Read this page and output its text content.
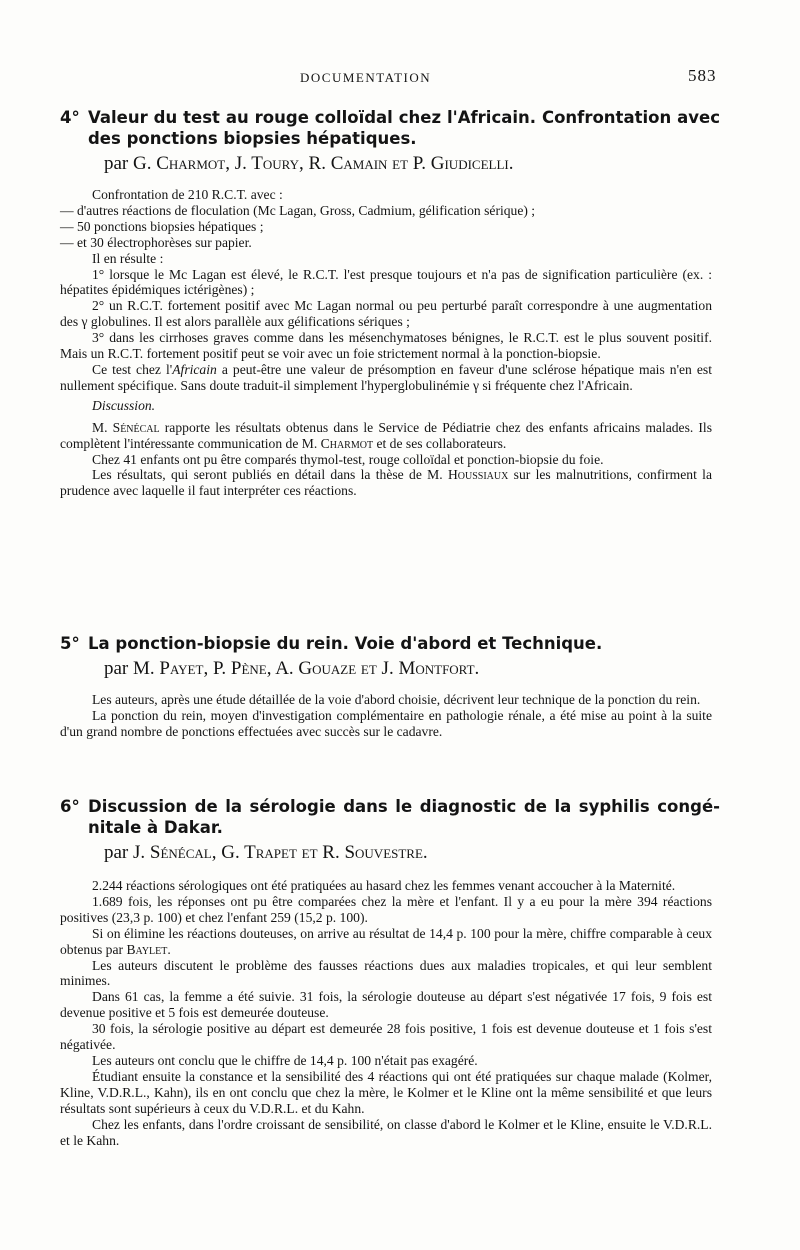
DOCUMENTATION	583
4° Valeur du test au rouge colloïdal chez l'Africain. Confrontation avec
des ponctions biopsies hépatiques.
par G. Charmot, J. Toury, R. Camain et P. Giudicelli.

Confrontation de 210 R.C.T. avec :

— d'autres réactions de floculation (Mc Lagan, Gross, Cadmium, gélification sérique) ;

— 50 ponctions biopsies hépatiques ;

— et 30 électrophorèses sur papier.

Il en résulte :

1° lorsque le Mc Lagan est élevé, le R.C.T. l'est presque toujours et n'a pas de signification particulière (ex. : hépatites épidémiques ictérigènes) ;

2° un R.C.T. fortement positif avec Mc Lagan normal ou peu perturbé paraît correspondre à une augmentation des γ globulines. Il est alors parallèle aux gélifications sériques ;

3° dans les cirrhoses graves comme dans les mésenchymatoses bénignes, le R.C.T. est le plus souvent positif. Mais un R.C.T. fortement positif peut se voir avec un foie strictement normal à la ponction-biopsie.

Ce test chez l'Africain a peut-être une valeur de présomption en faveur d'une sclérose hépatique mais n'en est nullement spécifique. Sans doute traduit-il simplement l'hyperglobulinémie γ si fréquente chez l'Africain.

Discussion.

M. Sénécal rapporte les résultats obtenus dans le Service de Pédiatrie chez des enfants africains malades. Ils complètent l'intéressante communication de M. Charmot et de ses collaborateurs.

Chez 41 enfants ont pu être comparés thymol-test, rouge colloïdal et ponction-biopsie du foie.

Les résultats, qui seront publiés en détail dans la thèse de M. Houssiaux sur les malnutritions, confirment la prudence avec laquelle il faut interpréter ces réactions.

5° La ponction-biopsie du rein. Voie d'abord et Technique.
par M. Payet, P. Pène, A. Gouaze et J. Montfort.

Les auteurs, après une étude détaillée de la voie d'abord choisie, décrivent leur technique de la ponction du rein.

La ponction du rein, moyen d'investigation complémentaire en pathologie rénale, a été mise au point à la suite d'un grand nombre de ponctions effectuées avec succès sur le cadavre.

6° Discussion de la sérologie dans le diagnostic de la syphilis congé-
nitale à Dakar.
par J. Sénécal, G. Trapet et R. Souvestre.

2.244 réactions sérologiques ont été pratiquées au hasard chez les femmes venant accoucher à la Maternité.

1.689 fois, les réponses ont pu être comparées chez la mère et l'enfant. Il y a eu pour la mère 394 réactions positives (23,3 p. 100) et chez l'enfant 259 (15,2 p. 100).

Si on élimine les réactions douteuses, on arrive au résultat de 14,4 p. 100 pour la mère, chiffre comparable à ceux obtenus par Baylet.

Les auteurs discutent le problème des fausses réactions dues aux maladies tropicales, et qui leur semblent minimes.

Dans 61 cas, la femme a été suivie. 31 fois, la sérologie douteuse au départ s'est négativée 17 fois, 9 fois est devenue positive et 5 fois est demeurée douteuse.

30 fois, la sérologie positive au départ est demeurée 28 fois positive, 1 fois est devenue douteuse et 1 fois s'est négativée.

Les auteurs ont conclu que le chiffre de 14,4 p. 100 n'était pas exagéré.

Étudiant ensuite la constance et la sensibilité des 4 réactions qui ont été pratiquées sur chaque malade (Kolmer, Kline, V.D.R.L., Kahn), ils en ont conclu que chez la mère, le Kolmer et le Kline ont la même sensibilité et que leurs résultats sont supérieurs à ceux du V.D.R.L. et du Kahn.

Chez les enfants, dans l'ordre croissant de sensibilité, on classe d'abord le Kolmer et le Kline, ensuite le V.D.R.L. et le Kahn.
